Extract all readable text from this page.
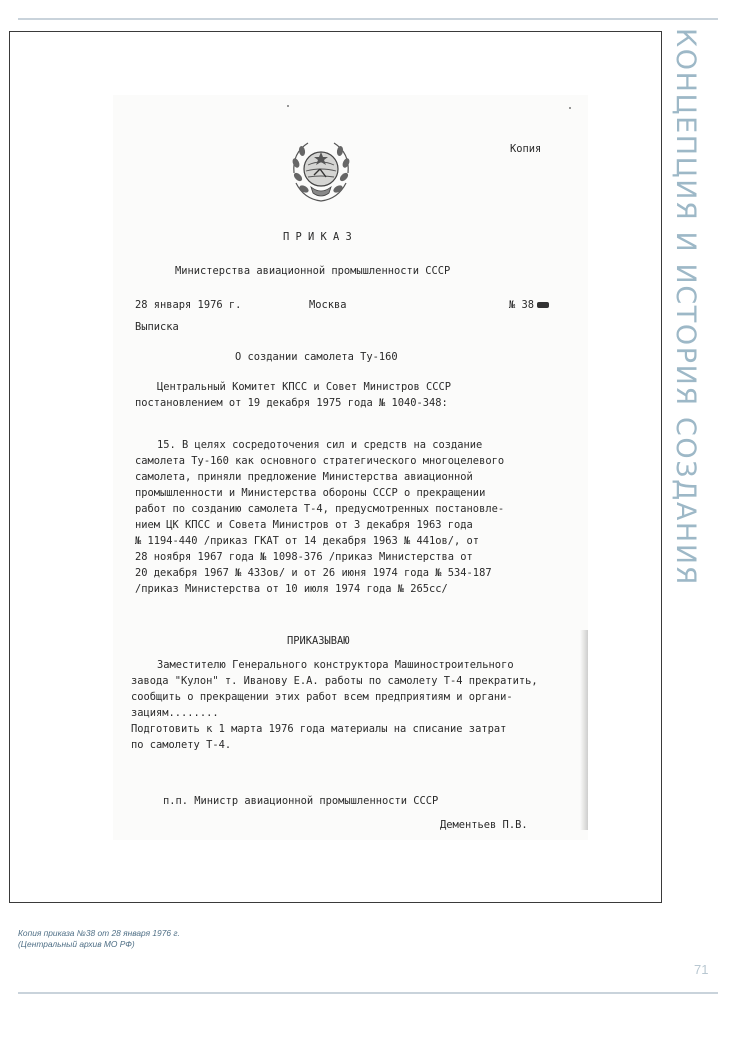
КОНЦЕПЦИЯ И ИСТОРИЯ СОЗДАНИЯ
Копия
П Р И К А З
Министерства авиационной промышленности СССР
28 января 1976 г.	Москва	№ 38
Выписка
О создании самолета Ту-160
Центральный Комитет КПСС и Совет Министров СССР
постановлением от 19 декабря 1975 года № 1040-348:
15. В целях сосредоточения сил и средств на создание
самолета Ту-160 как основного стратегического многоцелевого
самолета, приняли предложение Министерства авиационной
промышленности и Министерства обороны СССР о прекращении
работ по созданию самолета Т-4, предусмотренных постановле-
нием ЦК КПСС и Совета Министров от 3 декабря 1963 года
№ 1194-440 /приказ ГКАТ от 14 декабря 1963 № 441ов/, от
28 ноября 1967 года № 1098-376 /приказ Министерства от
20 декабря 1967 № 433ов/ и от 26 июня 1974 года № 534-187
/приказ Министерства от 10 июля 1974 года № 265сс/
ПРИКАЗЫВАЮ
Заместителю Генерального конструктора Машиностроительного
завода "Кулон" т. Иванову Е.А. работы по самолету Т-4 прекратить,
сообщить о прекращении этих работ всем предприятиям и органи-
зациям........
Подготовить к 1 марта 1976 года материалы на списание затрат
по самолету Т-4.
п.п. Министр авиационной промышленности СССР
Дементьев П.В.
Копия приказа №38 от 28 января 1976 г.
(Центральный архив МО РФ)
71
